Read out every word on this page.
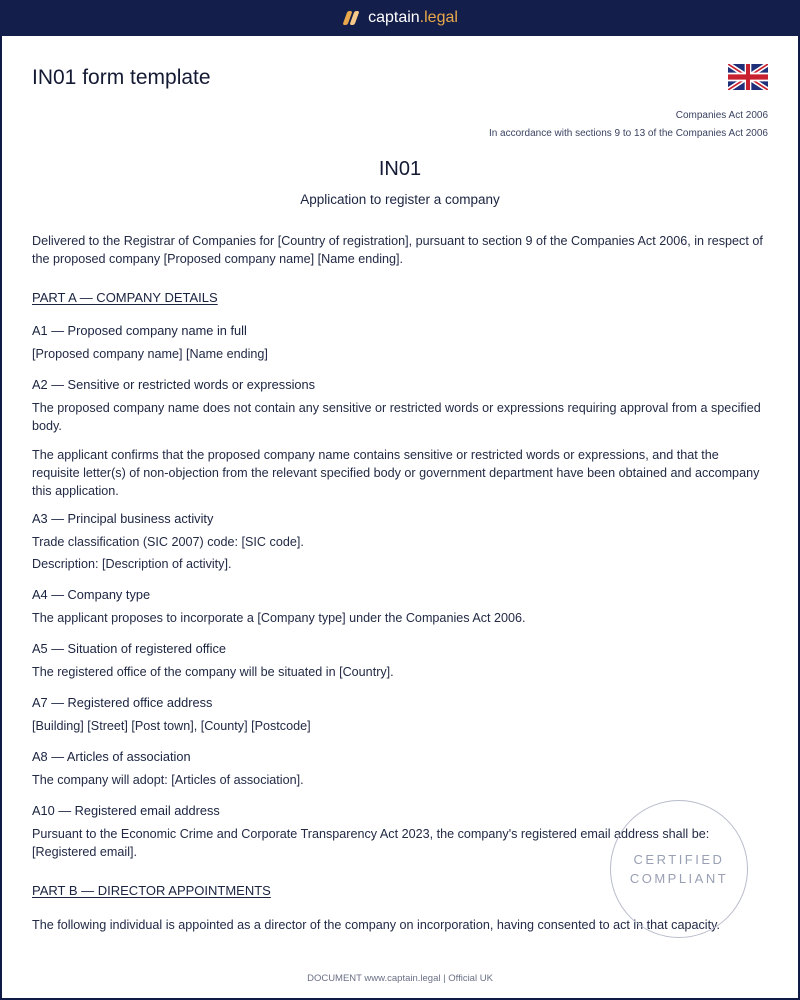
captain.legal
IN01 form template
Companies Act 2006
In accordance with sections 9 to 13 of the Companies Act 2006
IN01
Application to register a company
Delivered to the Registrar of Companies for [Country of registration], pursuant to section 9 of the Companies Act 2006, in respect of the proposed company [Proposed company name] [Name ending].
PART A — COMPANY DETAILS
A1 — Proposed company name in full
[Proposed company name] [Name ending]
A2 — Sensitive or restricted words or expressions
The proposed company name does not contain any sensitive or restricted words or expressions requiring approval from a specified body.
The applicant confirms that the proposed company name contains sensitive or restricted words or expressions, and that the requisite letter(s) of non-objection from the relevant specified body or government department have been obtained and accompany this application.
A3 — Principal business activity
Trade classification (SIC 2007) code: [SIC code].
Description: [Description of activity].
A4 — Company type
The applicant proposes to incorporate a [Company type] under the Companies Act 2006.
A5 — Situation of registered office
The registered office of the company will be situated in [Country].
A7 — Registered office address
[Building] [Street] [Post town], [County] [Postcode]
A8 — Articles of association
The company will adopt: [Articles of association].
A10 — Registered email address
Pursuant to the Economic Crime and Corporate Transparency Act 2023, the company's registered email address shall be: [Registered email].
PART B — DIRECTOR APPOINTMENTS
The following individual is appointed as a director of the company on incorporation, having consented to act in that capacity.
CERTIFIED
COMPLIANT
DOCUMENT www.captain.legal | Official UK
